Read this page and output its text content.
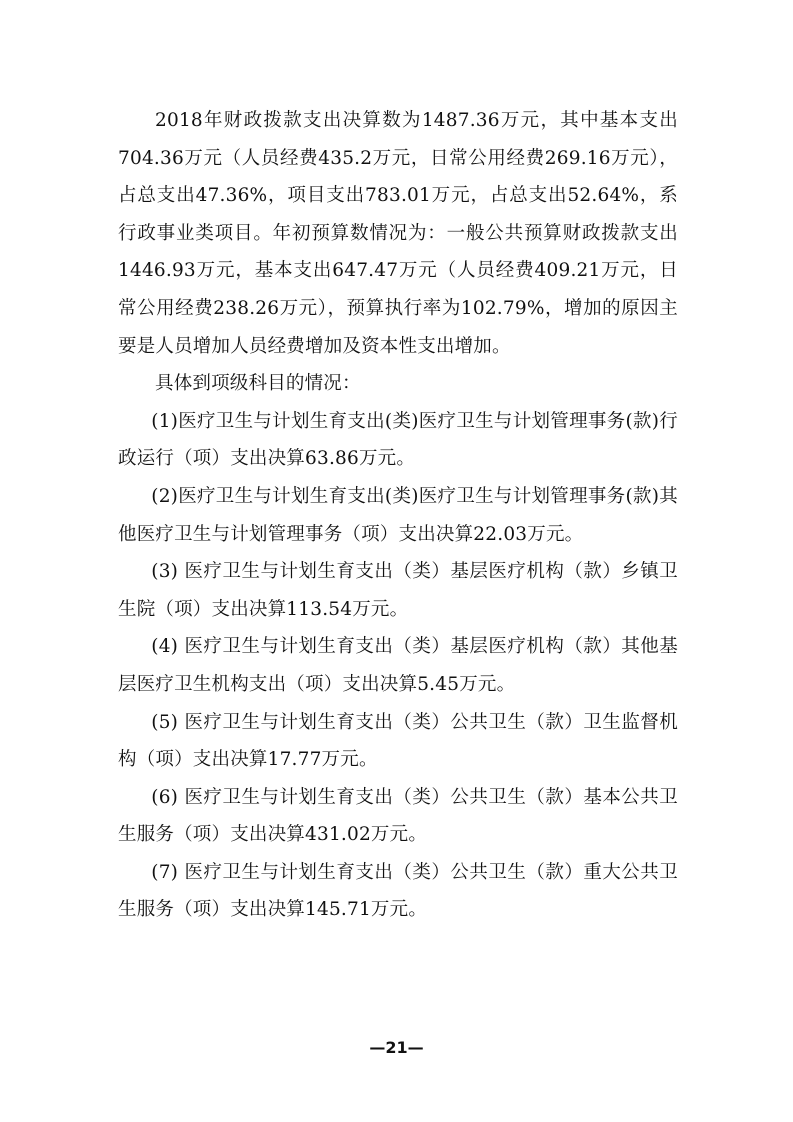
2018年财政拨款支出决算数为1487.36万元，其中基本支出704.36万元（人员经费435.2万元，日常公用经费269.16万元），占总支出47.36%，项目支出783.01万元，占总支出52.64%，系行政事业类项目。年初预算数情况为：一般公共预算财政拨款支出1446.93万元，基本支出647.47万元（人员经费409.21万元，日常公用经费238.26万元），预算执行率为102.79%，增加的原因主要是人员增加人员经费增加及资本性支出增加。

具体到项级科目的情况：

(1)医疗卫生与计划生育支出(类)医疗卫生与计划管理事务(款)行政运行（项）支出决算63.86万元。

(2)医疗卫生与计划生育支出(类)医疗卫生与计划管理事务(款)其他医疗卫生与计划管理事务（项）支出决算22.03万元。

(3) 医疗卫生与计划生育支出（类）基层医疗机构（款）乡镇卫生院（项）支出决算113.54万元。

(4) 医疗卫生与计划生育支出（类）基层医疗机构（款）其他基层医疗卫生机构支出（项）支出决算5.45万元。

(5) 医疗卫生与计划生育支出（类）公共卫生（款）卫生监督机构（项）支出决算17.77万元。

(6) 医疗卫生与计划生育支出（类）公共卫生（款）基本公共卫生服务（项）支出决算431.02万元。

(7) 医疗卫生与计划生育支出（类）公共卫生（款）重大公共卫生服务（项）支出决算145.71万元。

—21—
